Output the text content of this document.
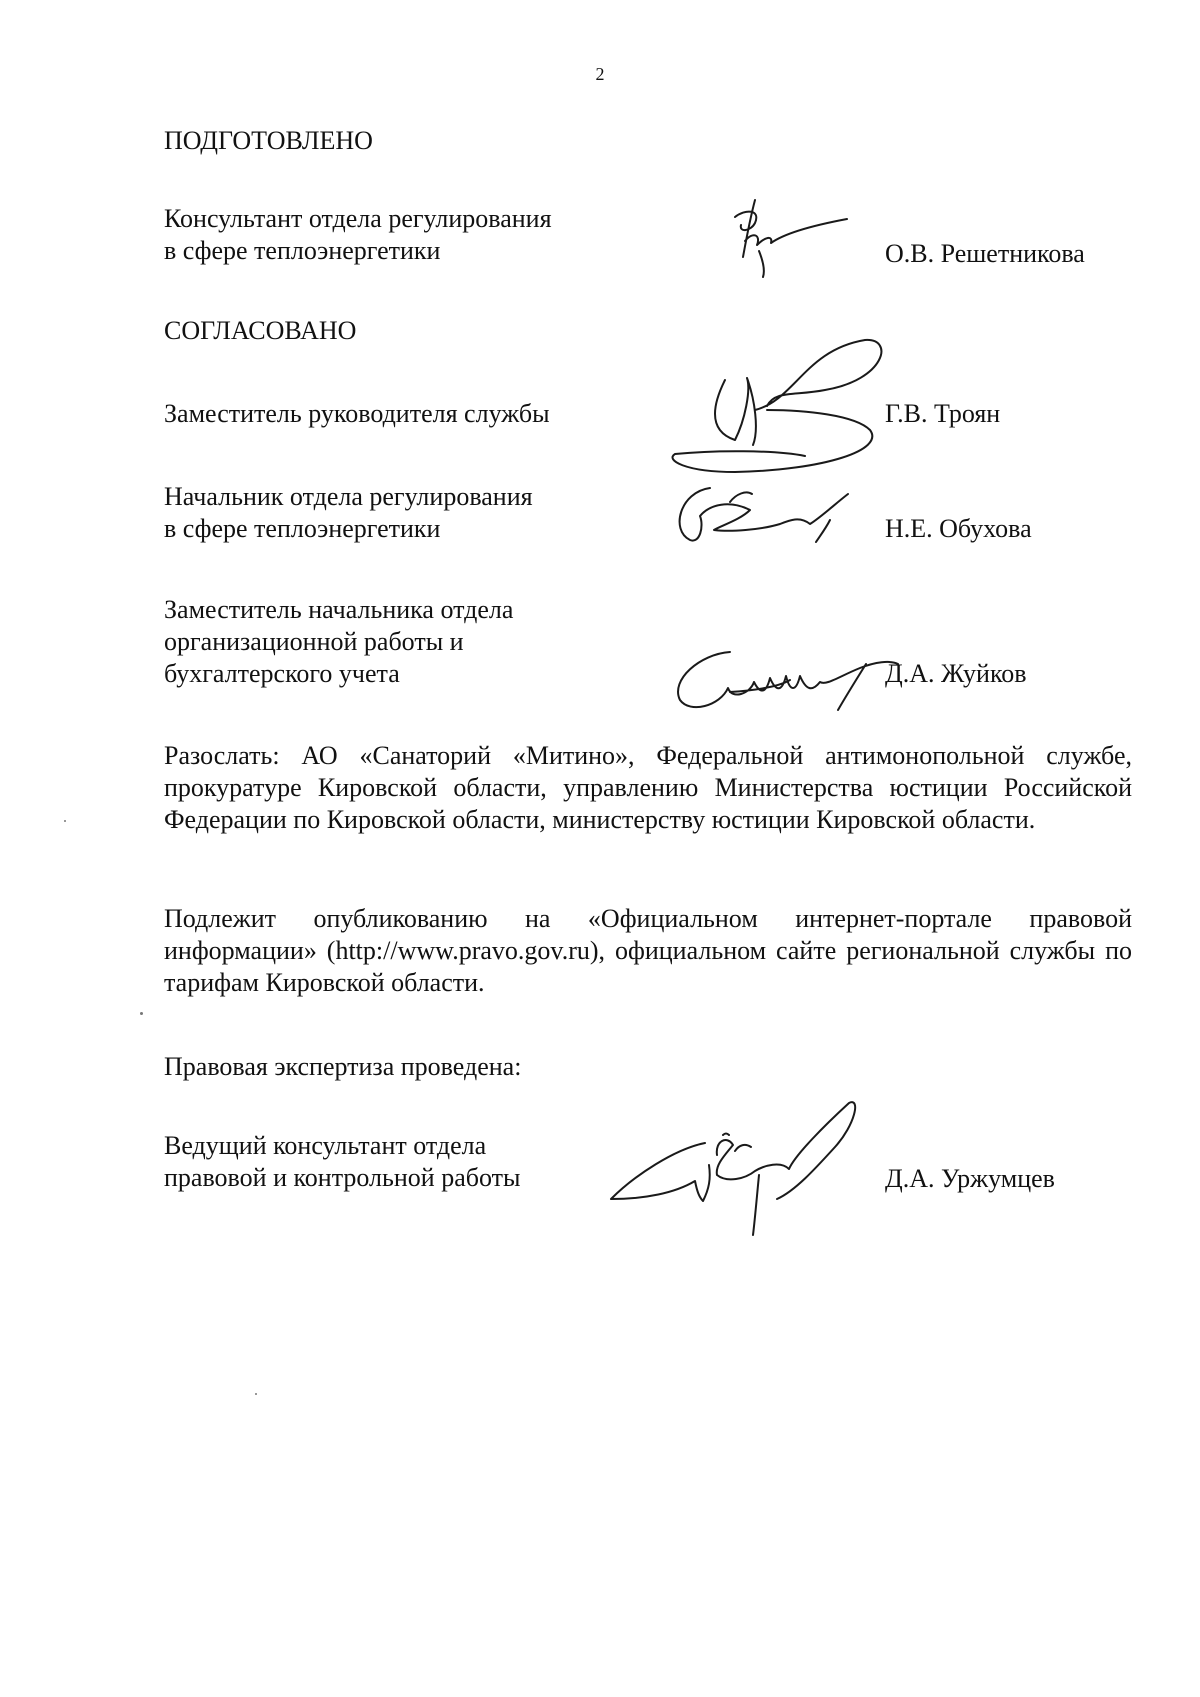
2

ПОДГОТОВЛЕНО

Консультант отдела регулирования
в сфере теплоэнергетики	О.В. Решетникова

СОГЛАСОВАНО

Заместитель руководителя службы	Г.В. Троян

Начальник отдела регулирования
в сфере теплоэнергетики	Н.Е. Обухова

Заместитель начальника отдела
организационной работы и
бухгалтерского учета	Д.А. Жуйков

Разослать: АО «Санаторий «Митино», Федеральной антимонопольной службе, прокуратуре Кировской области, управлению Министерства юстиции Российской Федерации по Кировской области, министерству юстиции Кировской области.

Подлежит опубликованию на «Официальном интернет-портале правовой информации» (http://www.pravo.gov.ru), официальном сайте региональной службы по тарифам Кировской области.

Правовая экспертиза проведена:

Ведущий консультант отдела
правовой и контрольной работы	Д.А. Уржумцев
